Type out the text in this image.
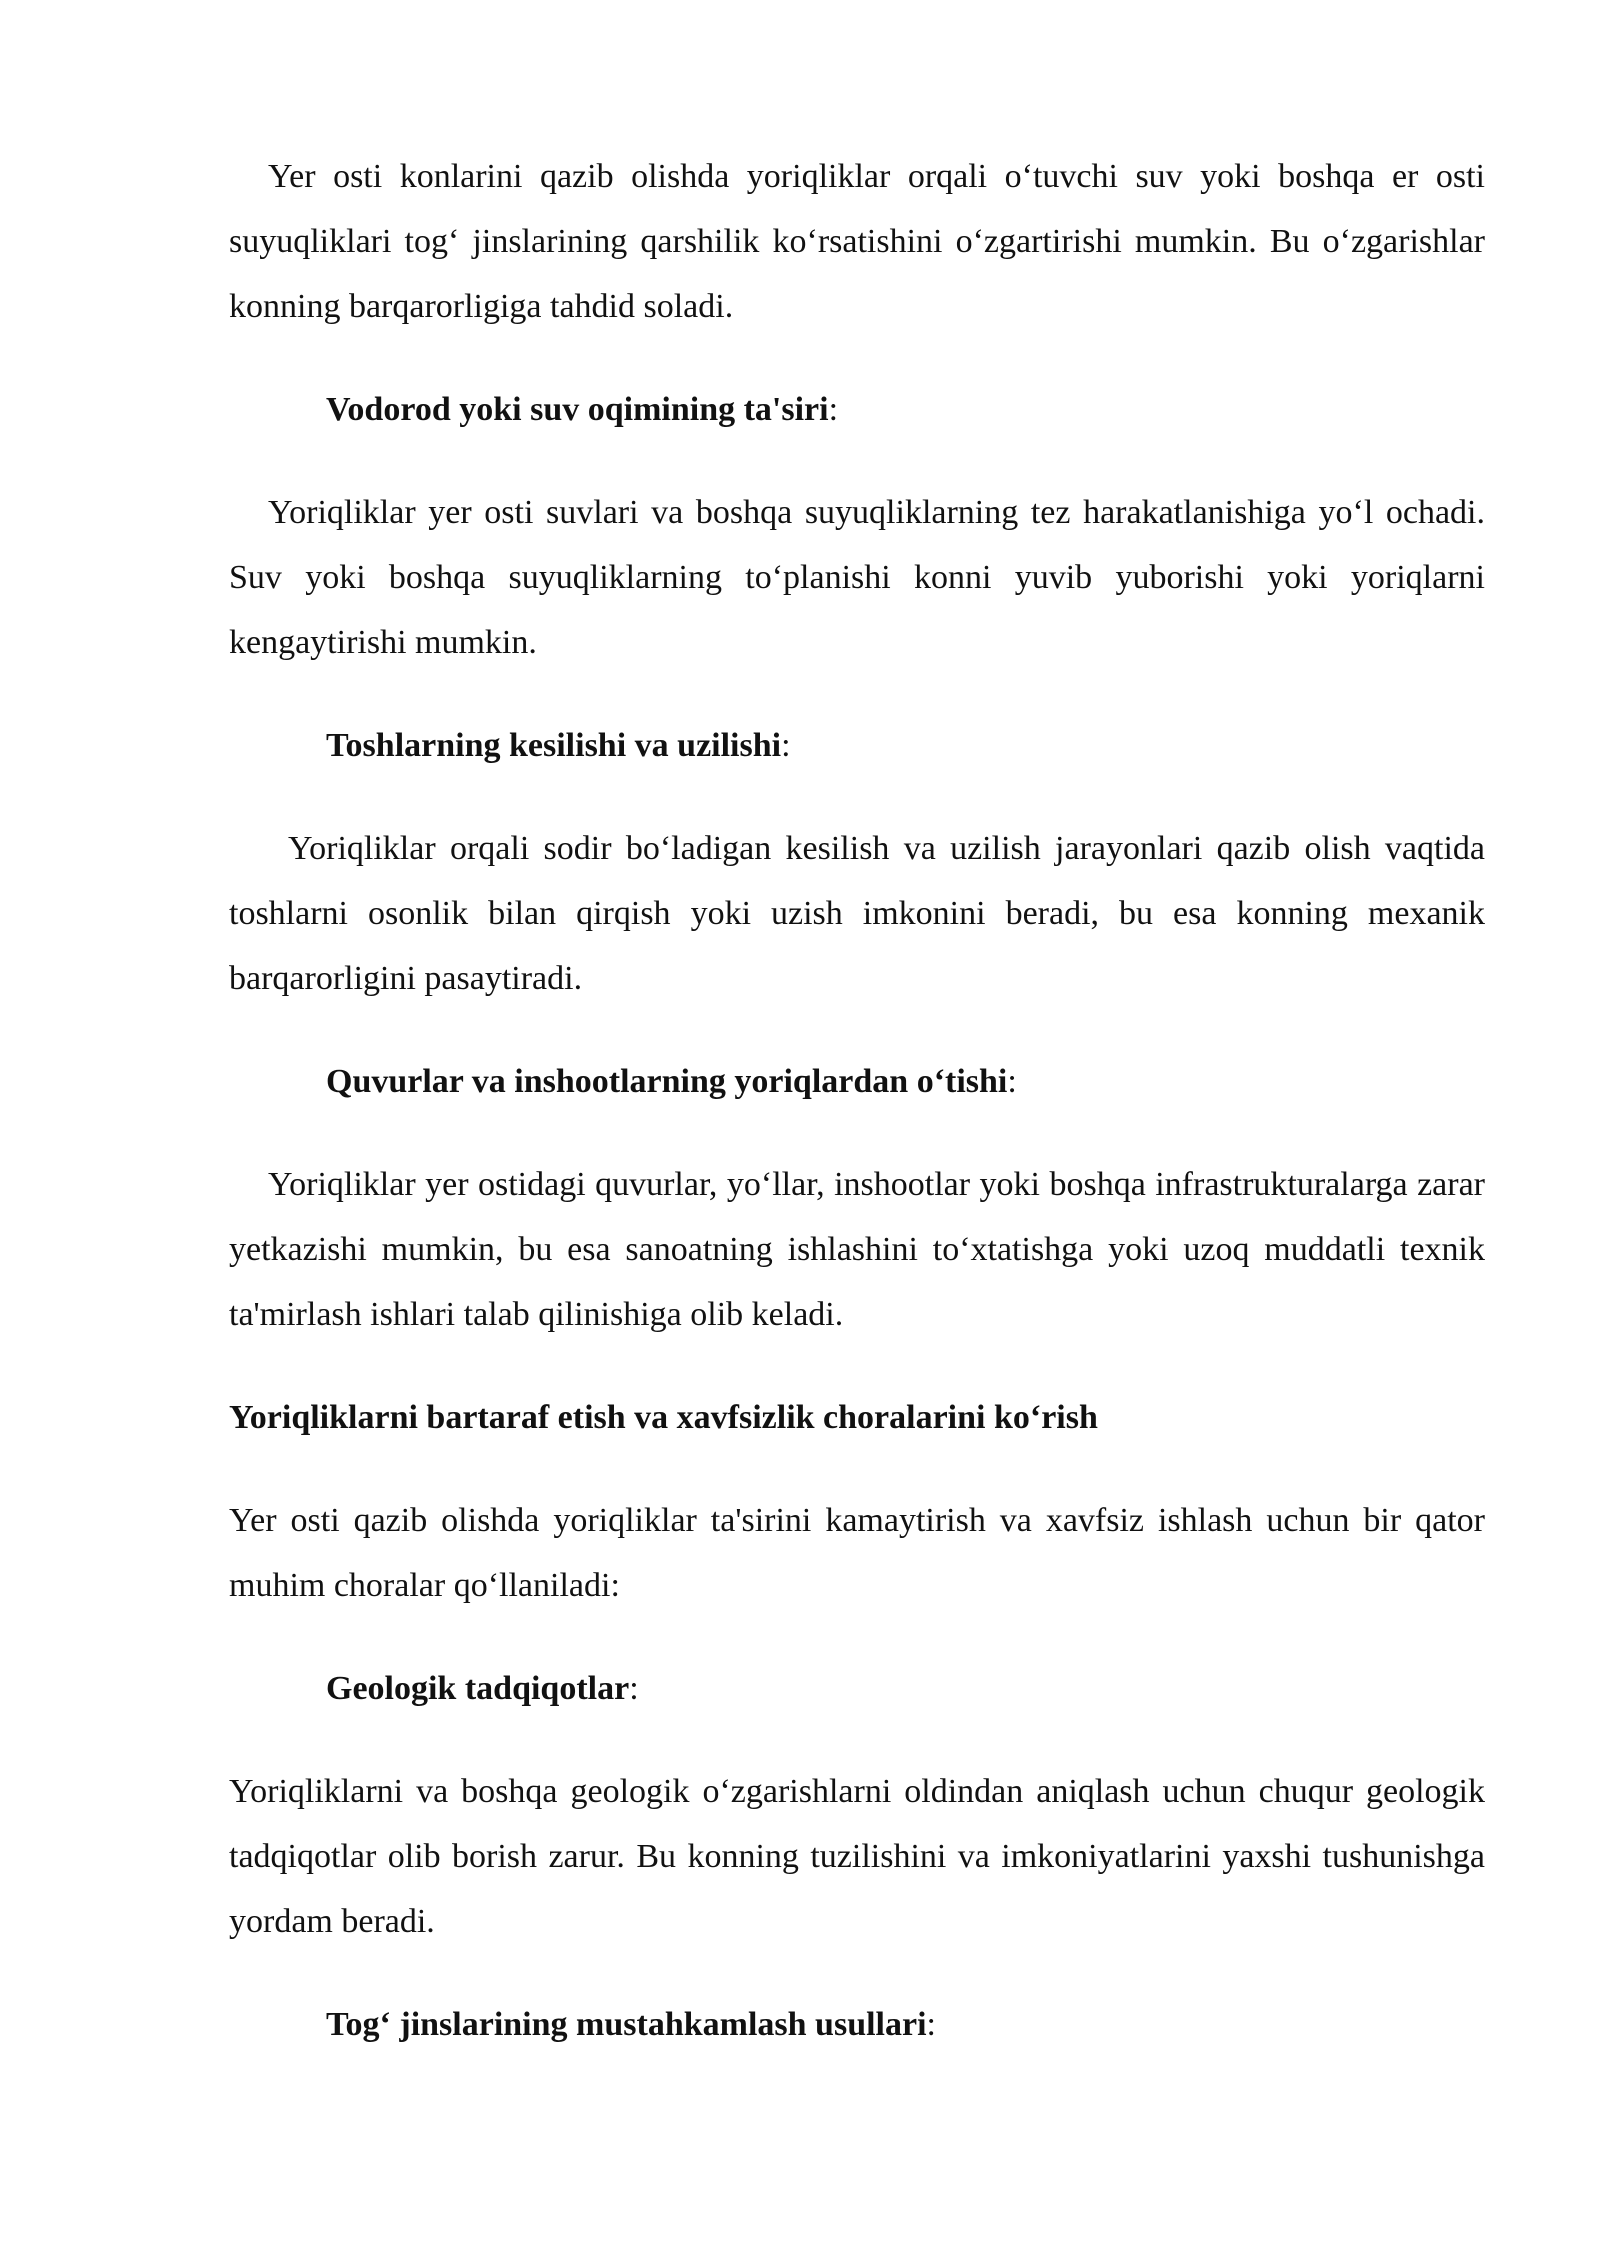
Yer osti konlarini qazib olishda yoriqliklar orqali o‘tuvchi suv yoki boshqa er osti suyuqliklari tog‘ jinslarining qarshilik ko‘rsatishini o‘zgartirishi mumkin. Bu o‘zgarishlar konning barqarorligiga tahdid soladi.

Vodorod yoki suv oqimining ta'siri:

Yoriqliklar yer osti suvlari va boshqa suyuqliklarning tez harakatlanishiga yo‘l ochadi. Suv yoki boshqa suyuqliklarning to‘planishi konni yuvib yuborishi yoki yoriqlarni kengaytirishi mumkin.

Toshlarning kesilishi va uzilishi:

Yoriqliklar orqali sodir bo‘ladigan kesilish va uzilish jarayonlari qazib olish vaqtida toshlarni osonlik bilan qirqish yoki uzish imkonini beradi, bu esa konning mexanik barqarorligini pasaytiradi.

Quvurlar va inshootlarning yoriqlardan o‘tishi:

Yoriqliklar yer ostidagi quvurlar, yo‘llar, inshootlar yoki boshqa infrastrukturalarga zarar yetkazishi mumkin, bu esa sanoatning ishlashini to‘xtatishga yoki uzoq muddatli texnik ta'mirlash ishlari talab qilinishiga olib keladi.

Yoriqliklarni bartaraf etish va xavfsizlik choralarini ko‘rish

Yer osti qazib olishda yoriqliklar ta'sirini kamaytirish va xavfsiz ishlash uchun bir qator muhim choralar qo‘llaniladi:

Geologik tadqiqotlar:

Yoriqliklarni va boshqa geologik o‘zgarishlarni oldindan aniqlash uchun chuqur geologik tadqiqotlar olib borish zarur. Bu konning tuzilishini va imkoniyatlarini yaxshi tushunishga yordam beradi.

Tog‘ jinslarining mustahkamlash usullari:
